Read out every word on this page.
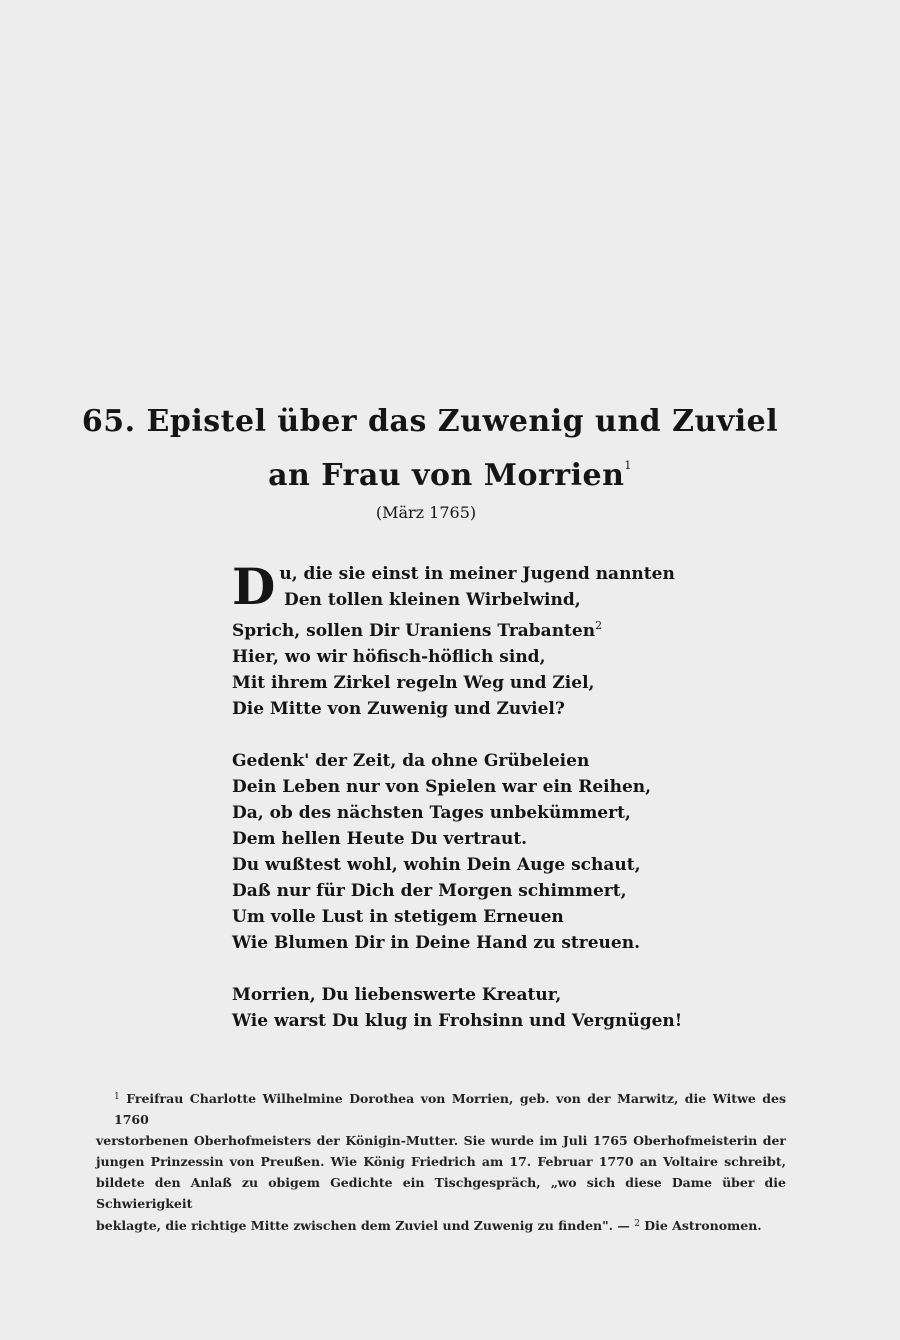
65. Epistel über das Zuwenig und Zuviel
an Frau von Morrien$^1$
(März 1765)

D u, die sie einst in meiner Jugend nannten

Den tollen kleinen Wirbelwind,

Sprich, sollen Dir Uraniens Trabanten$^2$

Hier, wo wir höfisch-höflich sind,

Mit ihrem Zirkel regeln Weg und Ziel,

Die Mitte von Zuwenig und Zuviel?

Gedenk' der Zeit, da ohne Grübeleien

Dein Leben nur von Spielen war ein Reihen,

Da, ob des nächsten Tages unbekümmert,

Dem hellen Heute Du vertraut.

Du wußtest wohl, wohin Dein Auge schaut,

Daß nur für Dich der Morgen schimmert,

Um volle Lust in stetigem Erneuen

Wie Blumen Dir in Deine Hand zu streuen.

Morrien, Du liebenswerte Kreatur,

Wie warst Du klug in Frohsinn und Vergnügen!

$^1$ Freifrau Charlotte Wilhelmine Dorothea von Morrien, geb. von der Marwitz, die Witwe des 1760

verstorbenen Oberhofmeisters der Königin-Mutter. Sie wurde im Juli 1765 Oberhofmeisterin der

jungen Prinzessin von Preußen. Wie König Friedrich am 17. Februar 1770 an Voltaire schreibt,

bildete den Anlaß zu obigem Gedichte ein Tischgespräch, „wo sich diese Dame über die Schwierigkeit

beklagte, die richtige Mitte zwischen dem Zuviel und Zuwenig zu finden". — $^2$ Die Astronomen.
